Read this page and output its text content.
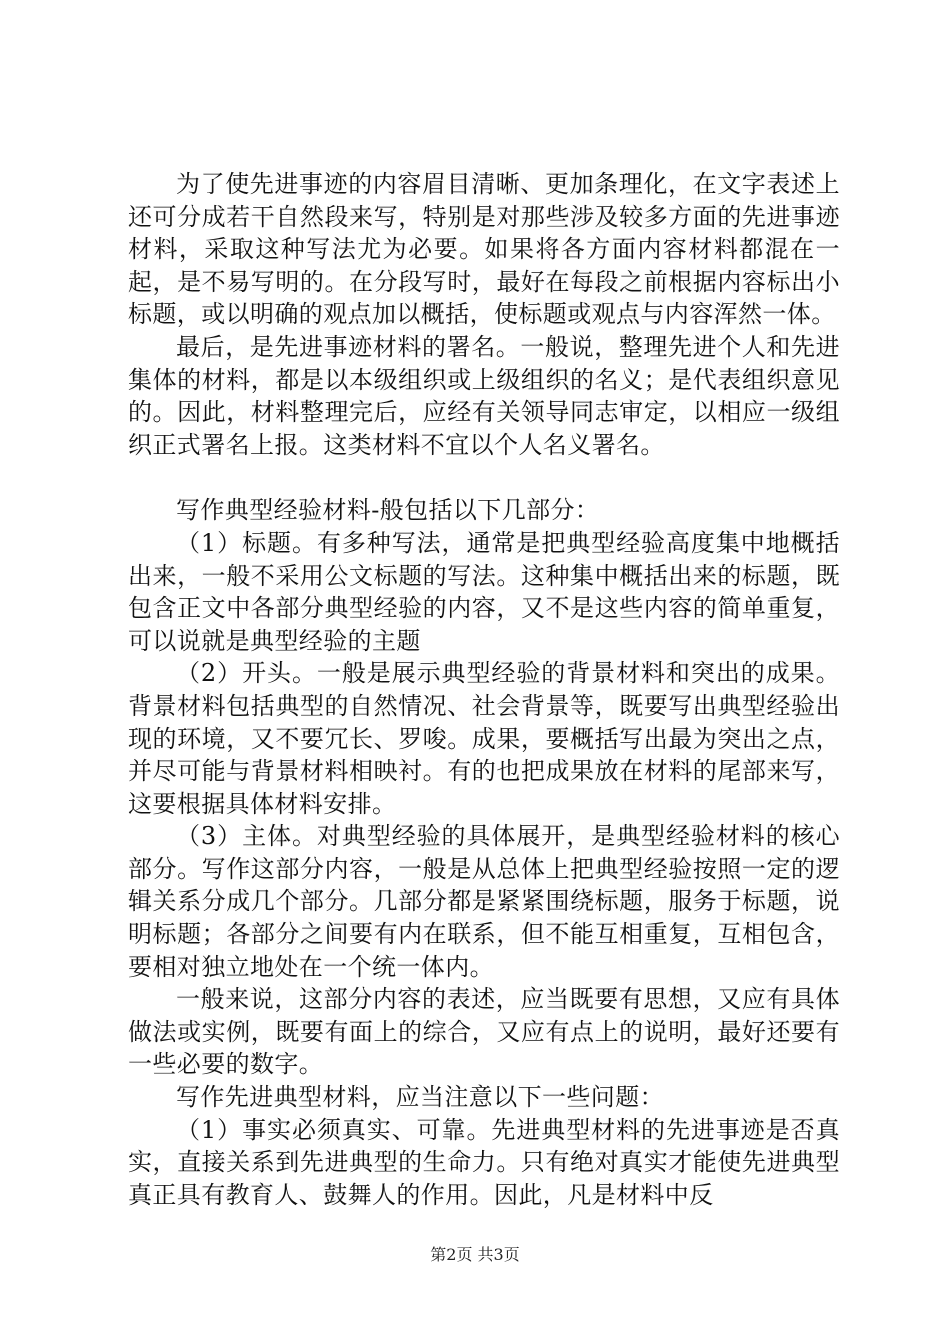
为了使先进事迹的内容眉目清晰、更加条理化，在文字表述上还可分成若干自然段来写，特别是对那些涉及较多方面的先进事迹材料，采取这种写法尤为必要。如果将各方面内容材料都混在一起，是不易写明的。在分段写时，最好在每段之前根据内容标出小标题，或以明确的观点加以概括，使标题或观点与内容浑然一体。

最后，是先进事迹材料的署名。一般说，整理先进个人和先进集体的材料，都是以本级组织或上级组织的名义；是代表组织意见的。因此，材料整理完后，应经有关领导同志审定，以相应一级组织正式署名上报。这类材料不宜以个人名义署名。

写作典型经验材料-般包括以下几部分：

（1）标题。有多种写法，通常是把典型经验高度集中地概括出来，一般不采用公文标题的写法。这种集中概括出来的标题，既包含正文中各部分典型经验的内容，又不是这些内容的简单重复，可以说就是典型经验的主题

（2）开头。一般是展示典型经验的背景材料和突出的成果。背景材料包括典型的自然情况、社会背景等，既要写出典型经验出现的环境，又不要冗长、罗唆。成果，要概括写出最为突出之点，并尽可能与背景材料相映衬。有的也把成果放在材料的尾部来写，这要根据具体材料安排。

（3）主体。对典型经验的具体展开，是典型经验材料的核心部分。写作这部分内容，一般是从总体上把典型经验按照一定的逻辑关系分成几个部分。几部分都是紧紧围绕标题，服务于标题，说明标题；各部分之间要有内在联系，但不能互相重复，互相包含，要相对独立地处在一个统一体内。

一般来说，这部分内容的表述，应当既要有思想，又应有具体做法或实例，既要有面上的综合，又应有点上的说明，最好还要有一些必要的数字。

写作先进典型材料，应当注意以下一些问题：

（1）事实必须真实、可靠。先进典型材料的先进事迹是否真实，直接关系到先进典型的生命力。只有绝对真实才能使先进典型真正具有教育人、鼓舞人的作用。因此，凡是材料中反

第2页 共3页
